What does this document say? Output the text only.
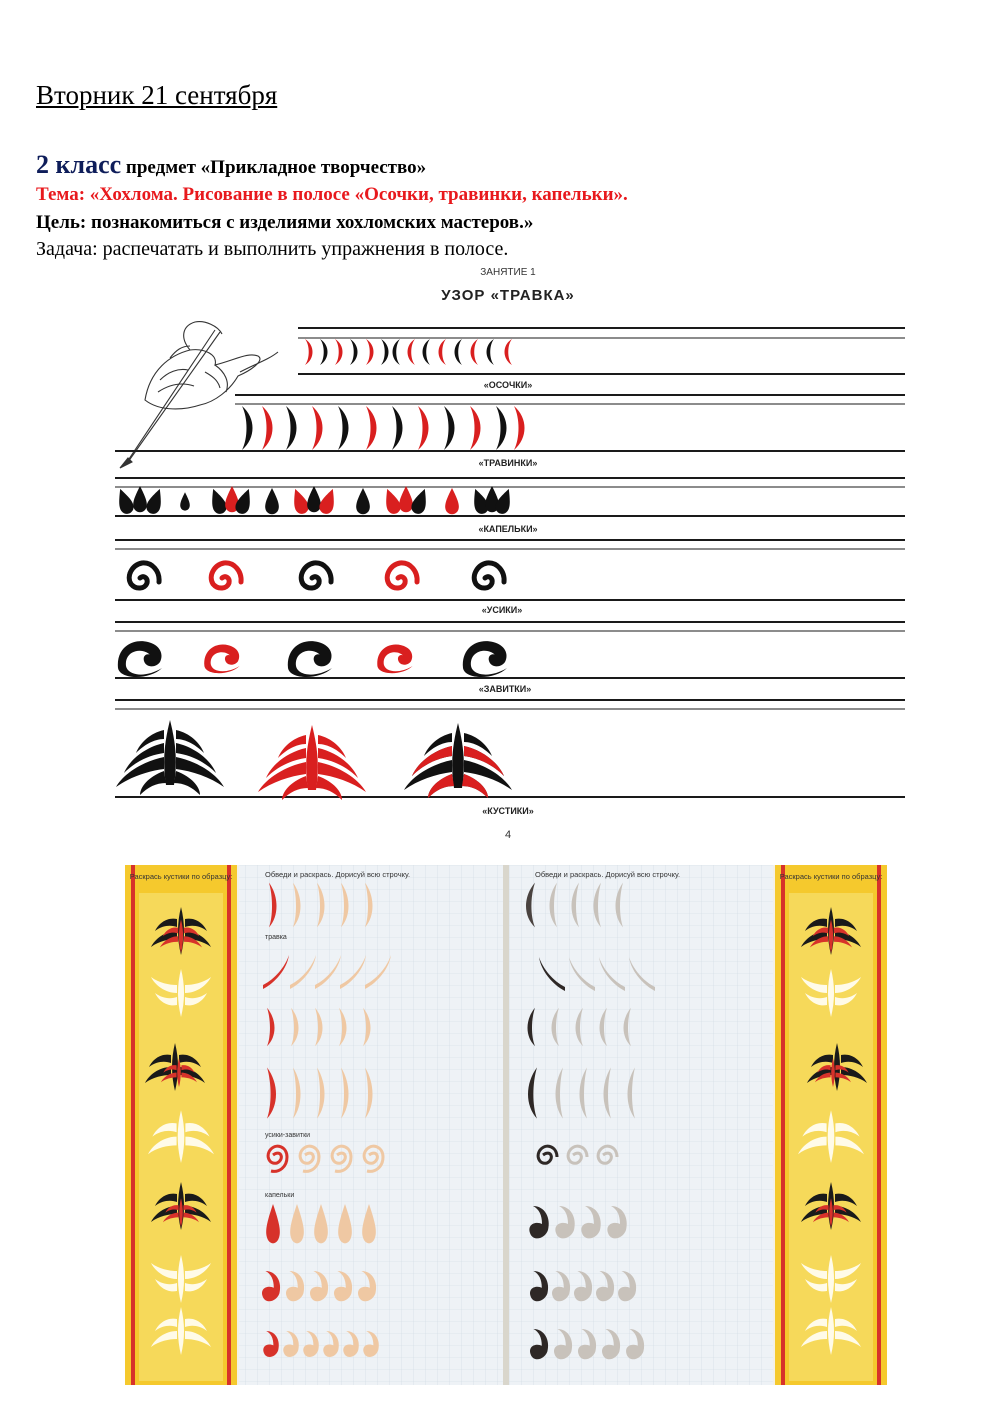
Вторник 21 сентября
2 класс предмет «Прикладное творчество»
Тема: «Хохлома. Рисование в полосе «Осочки, травинки, капельки».
Цель: познакомиться с изделиями хохломских мастеров.»
Задача: распечатать и выполнить упражнения в полосе.
ЗАНЯТИЕ 1
УЗОР «ТРАВКА»
«ОСОЧКИ»
«ТРАВИНКИ»
«КАПЕЛЬКИ»
«УСИКИ»
«ЗАВИТКИ»
«КУСТИКИ»
4
Раскрась кустики по образцу:	Обведи и раскрась. Дорисуй всю строчку.
травка
усики-завитки
капельки
Обведи и раскрась. Дорисуй всю строчку.	Раскрась кустики по образцу:
